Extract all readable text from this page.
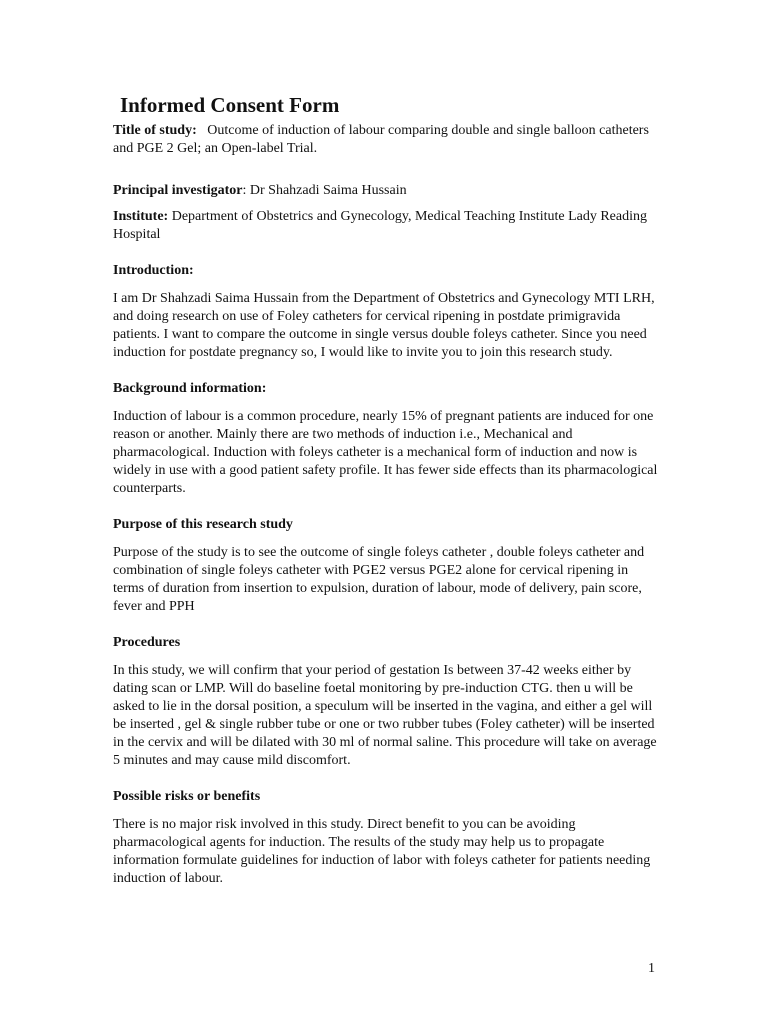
Informed Consent Form

Title of study:   Outcome of induction of labour comparing double and single balloon catheters and PGE 2 Gel; an Open-label Trial.

Principal investigator: Dr Shahzadi Saima Hussain

Institute: Department of Obstetrics and Gynecology, Medical Teaching Institute Lady Reading Hospital

Introduction:

I am Dr Shahzadi Saima Hussain from the Department of Obstetrics and Gynecology MTI LRH, and doing research on use of Foley catheters for cervical ripening in postdate primigravida patients. I want to compare the outcome in single versus double foleys catheter. Since you need induction for postdate pregnancy so, I would like to invite you to join this research study.

Background information:

Induction of labour is a common procedure, nearly 15% of pregnant patients are induced for one reason or another. Mainly there are two methods of induction i.e., Mechanical and pharmacological. Induction with foleys catheter is a mechanical form of induction and now is widely in use with a good patient safety profile. It has fewer side effects than its pharmacological counterparts.

Purpose of this research study

Purpose of the study is to see the outcome of single foleys catheter , double foleys catheter and combination of single foleys catheter with PGE2 versus PGE2 alone for cervical ripening in terms of duration from insertion to expulsion, duration of labour, mode of delivery, pain score, fever and PPH

Procedures

In this study, we will confirm that your period of gestation Is between 37-42 weeks either by dating scan or LMP. Will do baseline foetal monitoring by pre-induction CTG. then u will be asked to lie in the dorsal position, a speculum will be inserted in the vagina, and either a gel will be inserted , gel & single rubber tube or one or two rubber tubes (Foley catheter) will be inserted in the cervix and will be dilated with 30 ml of normal saline. This procedure will take on average 5 minutes and may cause mild discomfort.

Possible risks or benefits

There is no major risk involved in this study. Direct benefit to you can be avoiding pharmacological agents for induction. The results of the study may help us to propagate information formulate guidelines for induction of labor with foleys catheter for patients needing induction of labour.

1
